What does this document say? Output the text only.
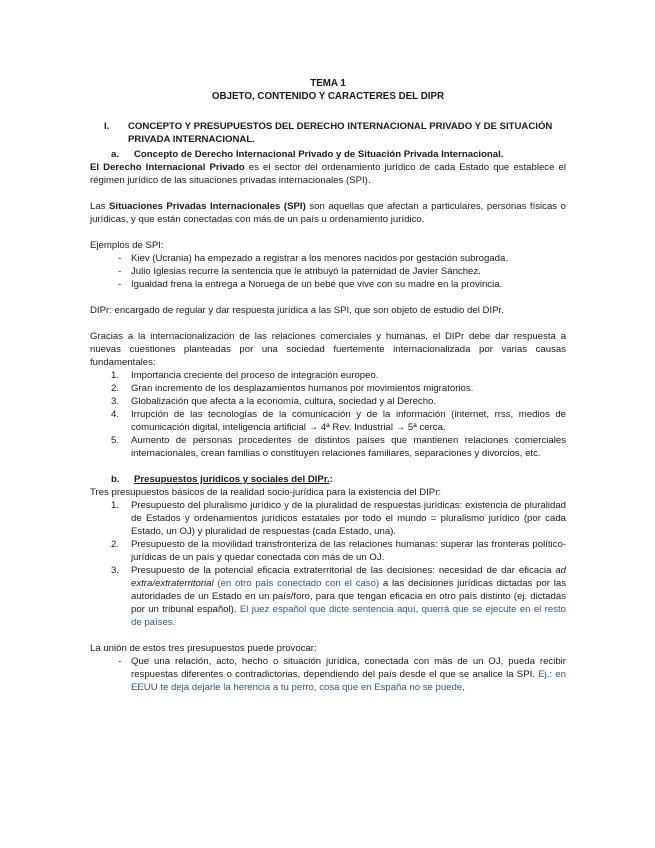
TEMA 1
OBJETO, CONTENIDO Y CARACTERES DEL DIPR
I.	CONCEPTO Y PRESUPUESTOS DEL DERECHO INTERNACIONAL PRIVADO Y DE SITUACIÓN PRIVADA INTERNACIONAL.
a.	Concepto de Derecho Internacional Privado y de Situación Privada Internacional.

El Derecho Internacional Privado es el sector del ordenamiento jurídico de cada Estado que establece el régimen jurídico de las situaciones privadas internacionales (SPI).

Las Situaciones Privadas Internacionales (SPI) son aquellas que afectan a particulares, personas físicas o jurídicas, y que están conectadas con más de un país u ordenamiento jurídico.

Ejemplos de SPI:

-	Kiev (Ucrania) ha empezado a registrar a los menores nacidos por gestación subrogada.
-	Julio Iglesias recurre la sentencia que le atribuyó la paternidad de Javier Sánchez.
-	Igualdad frena la entrega a Noruega de un bebé que vive con su madre en la provincia.

DIPr: encargado de regular y dar respuesta jurídica a las SPI, que son objeto de estudio del DIPr.

Gracias a la internacionalización de las relaciones comerciales y humanas, el DIPr debe dar respuesta a nuevas cuestiones planteadas por una sociedad fuertemente internacionalizada por varias causas fundamentales:

1.	Importancia creciente del proceso de integración europeo.
2.	Gran incremento de los desplazamientos humanos por movimientos migratorios.
3.	Globalización que afecta a la economía, cultura, sociedad y al Derecho.
4.	Irrupción de las tecnologías de la comunicación y de la información (internet, rrss, medios de comunicación digital, inteligencia artificial → 4ª Rev. Industrial → 5ª cerca.
5.	Aumento de personas procedentes de distintos países que mantienen relaciones comerciales internacionales, crean familias o constituyen relaciones familiares, separaciones y divorcios, etc.
b.	Presupuestos jurídicos y sociales del DIPr.:

Tres presupuestos básicos de la realidad socio-jurídica para la existencia del DIPr:

1.	Presupuesto del pluralismo jurídico y de la pluralidad de respuestas jurídicas: existencia de pluralidad de Estados y ordenamientos jurídicos estatales por todo el mundo = pluralismo jurídico (por cada Estado, un OJ) y pluralidad de respuestas (cada Estado, una).
2.	Presupuesto de la movilidad transfronteriza de las relaciones humanas: superar las fronteras político-jurídicas de un país y quedar conectada con más de un OJ.
3.	Presupuesto de la potencial eficacia extraterritorial de las decisiones: necesidad de dar eficacia ad extra/extraterritorial (en otro país conectado con el caso) a las decisiones jurídicas dictadas por las autoridades de un Estado en un país/foro, para que tengan eficacia en otro país distinto (ej. dictadas por un tribunal español). El juez español que dicte sentencia aquí, querrá que se ejecute en el resto de países.

La unión de estos tres presupuestos puede provocar:

-	Que una relación, acto, hecho o situación jurídica, conectada con más de un OJ, pueda recibir respuestas diferentes o contradictorias, dependiendo del país desde el que se analice la SPI. Ej.: en EEUU te deja dejarle la herencia a tu perro, cosa que en España no se puede,
